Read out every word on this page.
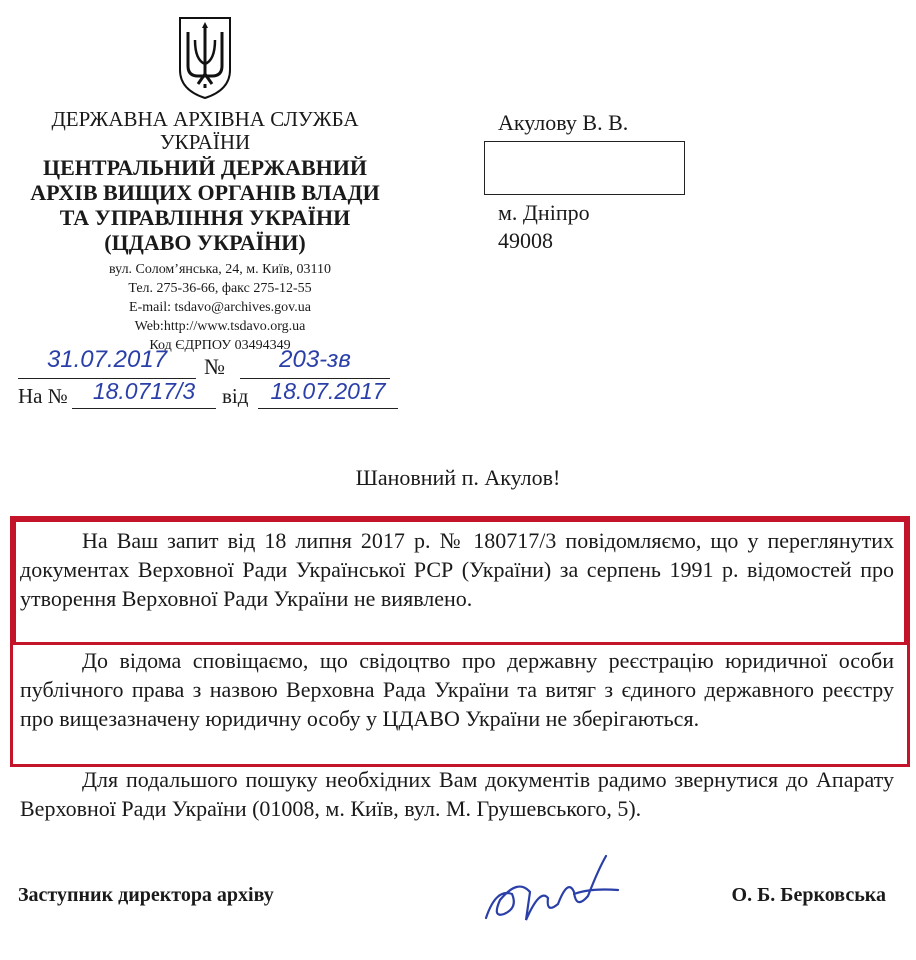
ДЕРЖАВНА АРХІВНА СЛУЖБА
УКРАЇНИ
ЦЕНТРАЛЬНИЙ ДЕРЖАВНИЙ
АРХІВ ВИЩИХ ОРГАНІВ ВЛАДИ
ТА УПРАВЛІННЯ УКРАЇНИ
(ЦДАВО УКРАЇНИ)
вул. Солом’янська, 24, м. Київ, 03110
Тел. 275-36-66, факс 275-12-55
E-mail: tsdavo@archives.gov.ua
Web:http://www.tsdavo.org.ua
Код ЄДРПОУ 03494349
31.07.2017	№	203-зв
На №	18.0717/3	від 18.07.2017
Акулову В. В.
м. Дніпро
49008
Шановний п. Акулов!
На Ваш запит від 18 липня 2017 р. № 180717/3 повідомляємо, що у переглянутих документах Верховної Ради Української РСР (України) за серпень 1991 р. відомостей про утворення Верховної Ради України не виявлено.
До відома сповіщаємо, що свідоцтво про державну реєстрацію юридичної особи публічного права з назвою Верховна Рада України та витяг з єдиного державного реєстру про вищезазначену юридичну особу у ЦДАВО України не зберігаються.
Для подальшого пошуку необхідних Вам документів радимо звернутися до Апарату Верховної Ради України (01008, м. Київ, вул. М. Грушевського, 5).
Заступник директора архіву	О. Б. Берковська
